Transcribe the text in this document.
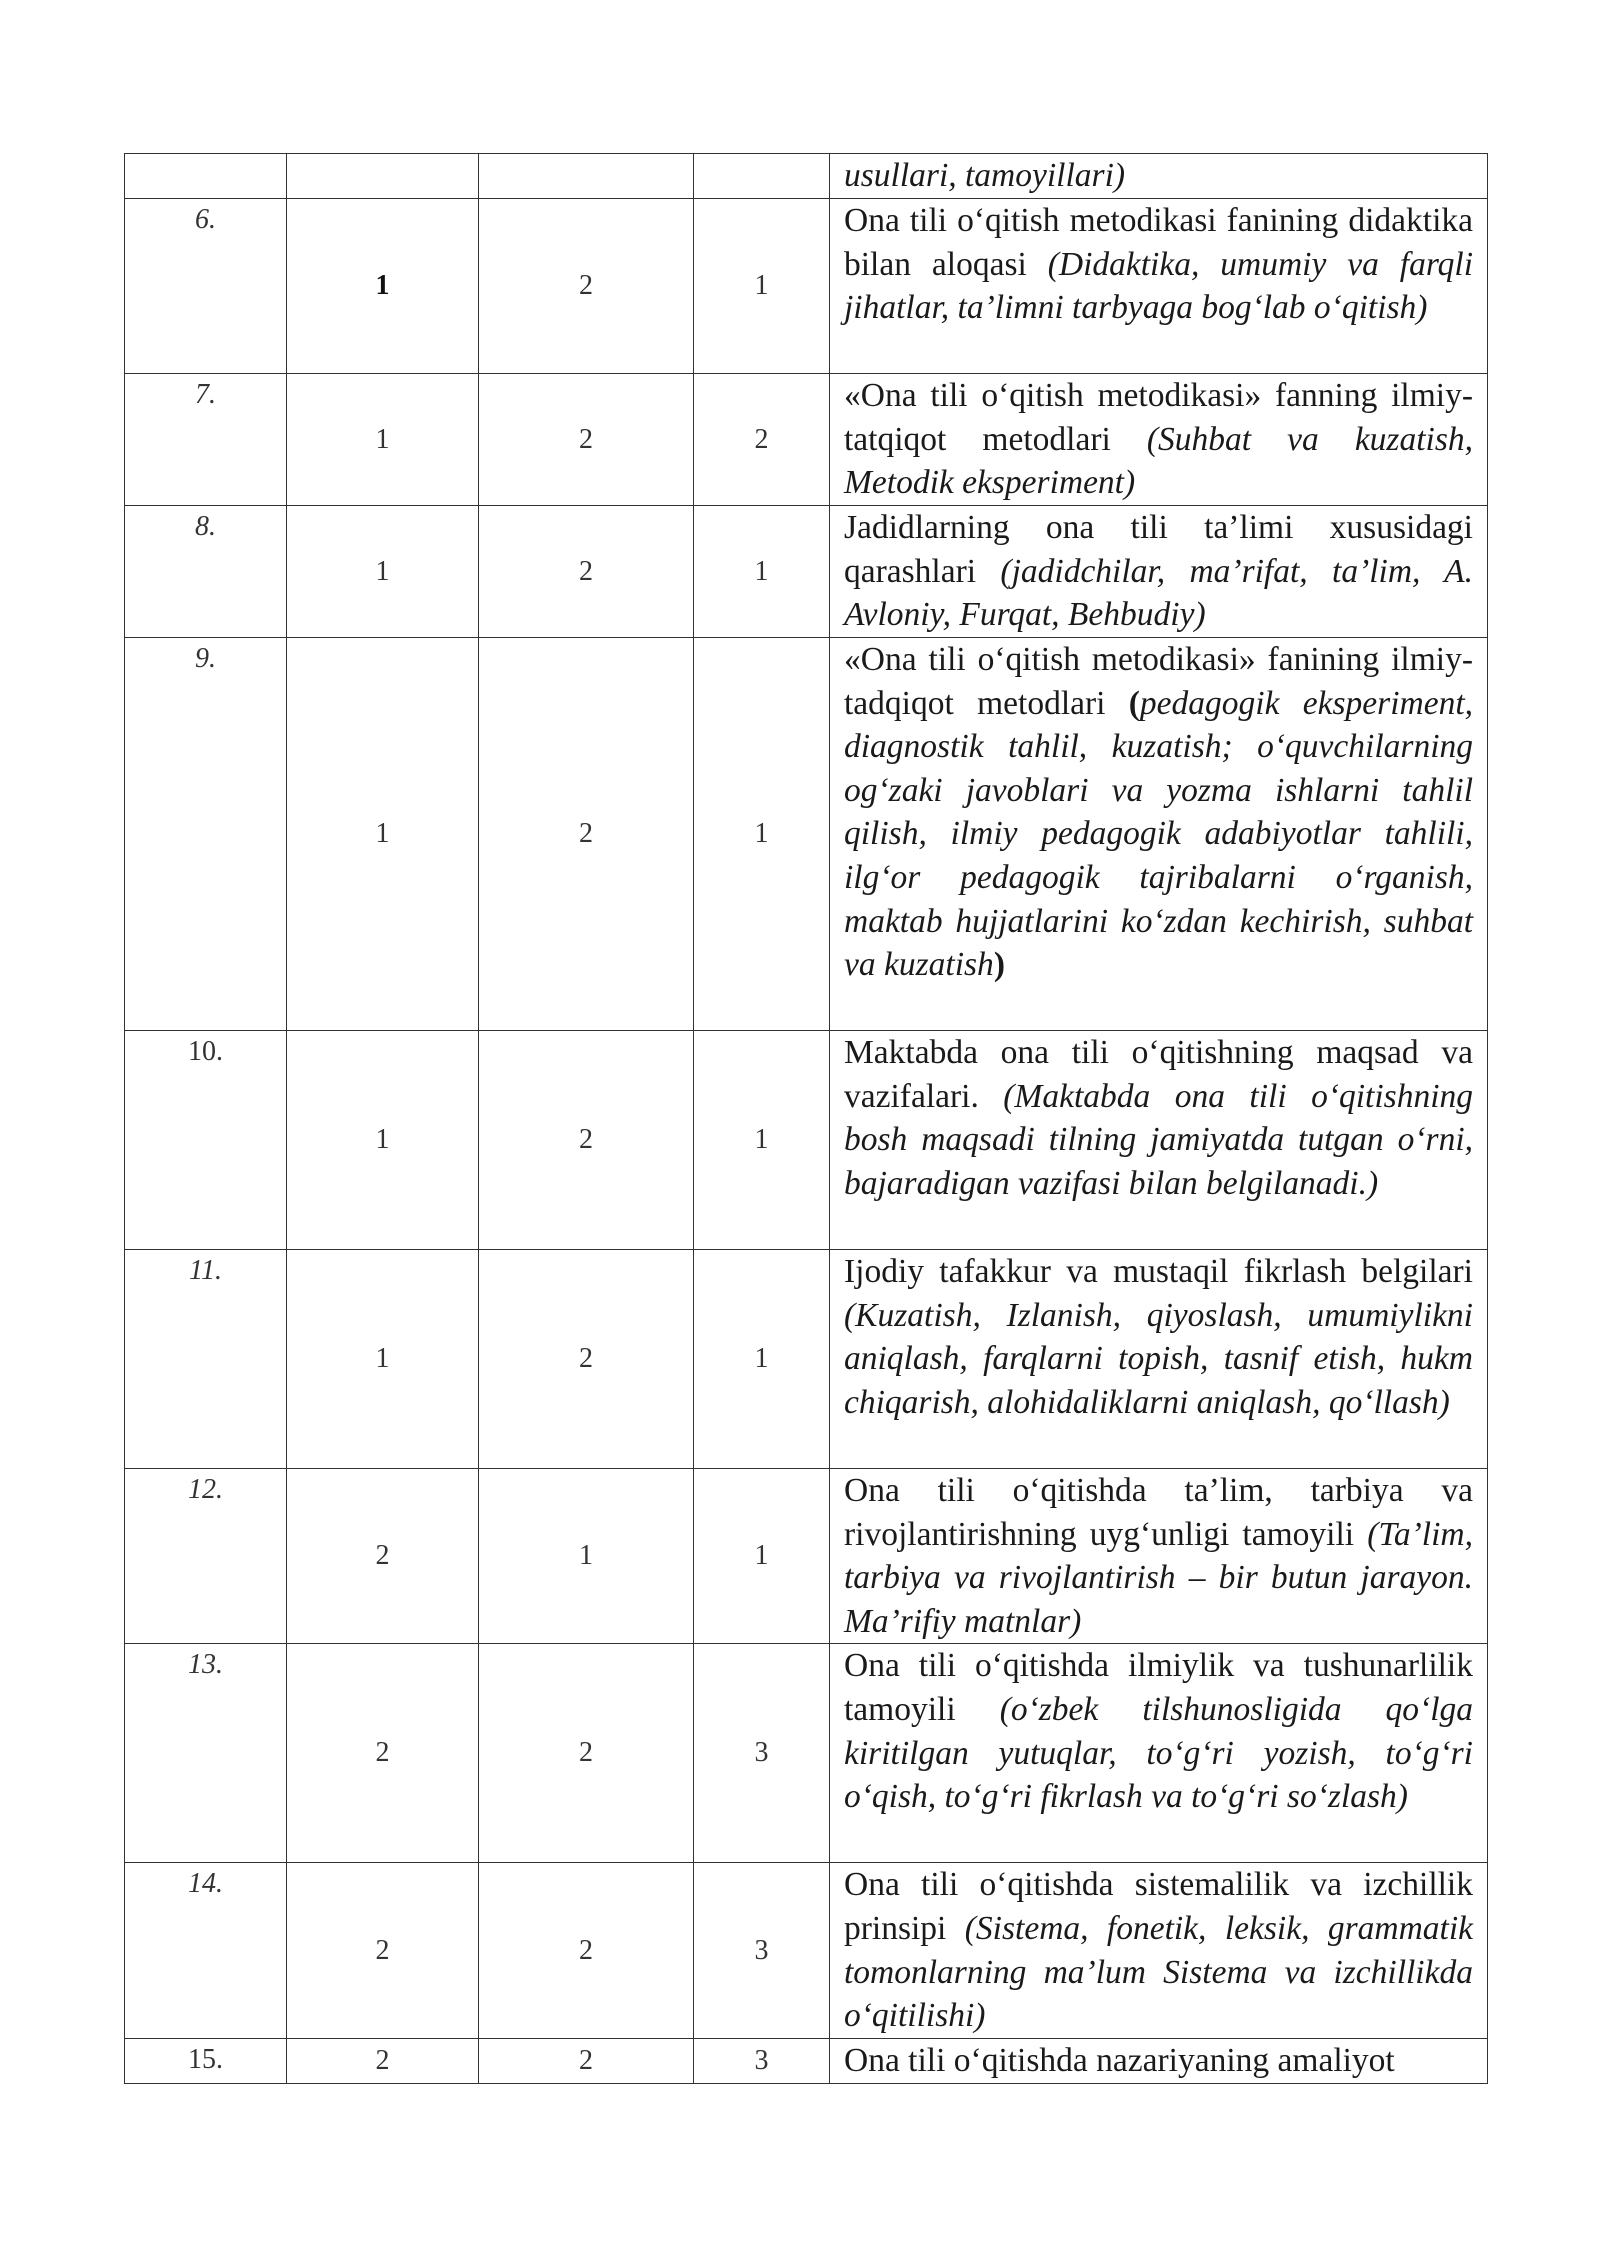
				usullari, tamoyillari)
6.	1	2	1	Ona tili o‘qitish metodikasi fanining didaktika bilan aloqasi (Didaktika, umumiy va farqli jihatlar, ta’limni tarbyaga bog‘lab o‘qitish)
7.	1	2	2	«Ona tili o‘qitish metodikasi» fanning ilmiy-tatqiqot metodlari (Suhbat va kuzatish, Metodik eksperiment)
8.	1	2	1	Jadidlarning ona tili ta’limi xususidagi qarashlari (jadidchilar, ma’rifat, ta’lim, A. Avloniy, Furqat, Behbudiy)
9.	1	2	1	«Ona tili o‘qitish metodikasi» fanining ilmiy-tadqiqot metodlari (pedagogik eksperiment, diagnostik tahlil, kuzatish; o‘quvchilarning og‘zaki javoblari va yozma ishlarni tahlil qilish, ilmiy pedagogik adabiyotlar tahlili, ilg‘or pedagogik tajribalarni o‘rganish, maktab hujjatlarini ko‘zdan kechirish, suhbat va kuzatish)
10.	1	2	1	Maktabda ona tili o‘qitishning maqsad va vazifalari. (Maktabda ona tili o‘qitishning bosh maqsadi tilning jamiyatda tutgan o‘rni, bajaradigan vazifasi bilan belgilanadi.)
11.	1	2	1	Ijodiy tafakkur va mustaqil fikrlash belgilari (Kuzatish, Izlanish, qiyoslash, umumiylikni aniqlash, farqlarni topish, tasnif etish, hukm chiqarish, alohidaliklarni aniqlash, qo‘llash)
12.	2	1	1	Ona tili o‘qitishda ta’lim, tarbiya va rivojlantirishning uyg‘unligi tamoyili (Ta’lim, tarbiya va rivojlantirish – bir butun jarayon. Ma’rifiy matnlar)
13.	2	2	3	Ona tili o‘qitishda ilmiylik va tushunarlilik tamoyili (o‘zbek tilshunosligida qo‘lga kiritilgan yutuqlar, to‘g‘ri yozish, to‘g‘ri o‘qish, to‘g‘ri fikrlash va to‘g‘ri so‘zlash)
14.	2	2	3	Ona tili o‘qitishda sistemalilik va izchillik prinsipi (Sistema, fonetik, leksik, grammatik tomonlarning ma’lum Sistema va izchillikda o‘qitilishi)
15.	2	2	3	Ona tili o‘qitishda nazariyaning amaliyot
